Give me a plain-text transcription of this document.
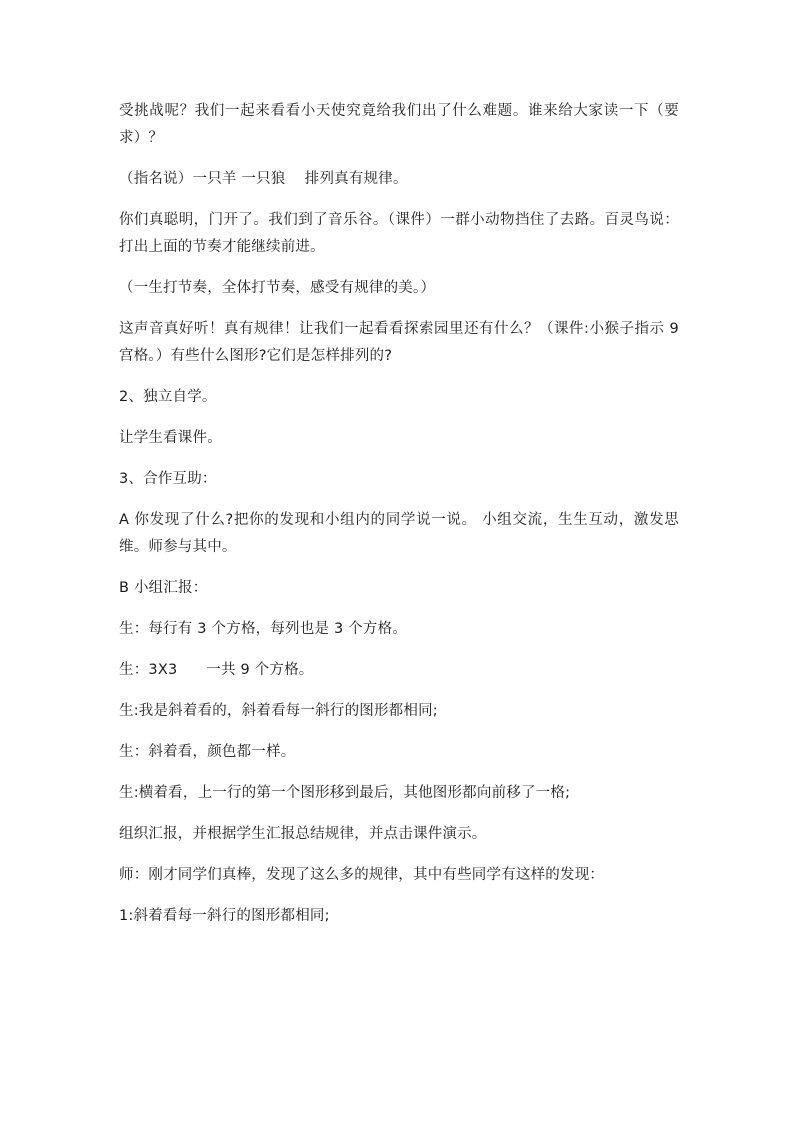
受挑战呢？我们一起来看看小天使究竟给我们出了什么难题。谁来给大家读一下（要求）？

（指名说）一只羊 一只狼    排列真有规律。

你们真聪明，门开了。我们到了音乐谷。（课件）一群小动物挡住了去路。百灵鸟说：打出上面的节奏才能继续前进。

（一生打节奏，全体打节奏，感受有规律的美。）

这声音真好听！真有规律！让我们一起看看探索园里还有什么？（课件:小猴子指示 9 宫格。）有些什么图形?它们是怎样排列的?

2、独立自学。

让学生看课件。

3、合作互助：

A 你发现了什么?把你的发现和小组内的同学说一说。 小组交流，生生互动，激发思维。师参与其中。

B 小组汇报：

生：每行有 3 个方格，每列也是 3 个方格。

生：3X3      一共 9 个方格。

生:我是斜着看的，斜着看每一斜行的图形都相同;

生：斜着看，颜色都一样。

生:横着看，上一行的第一个图形移到最后，其他图形都向前移了一格;

组织汇报，并根据学生汇报总结规律，并点击课件演示。

师：刚才同学们真棒，发现了这么多的规律，其中有些同学有这样的发现：

1:斜着看每一斜行的图形都相同;
